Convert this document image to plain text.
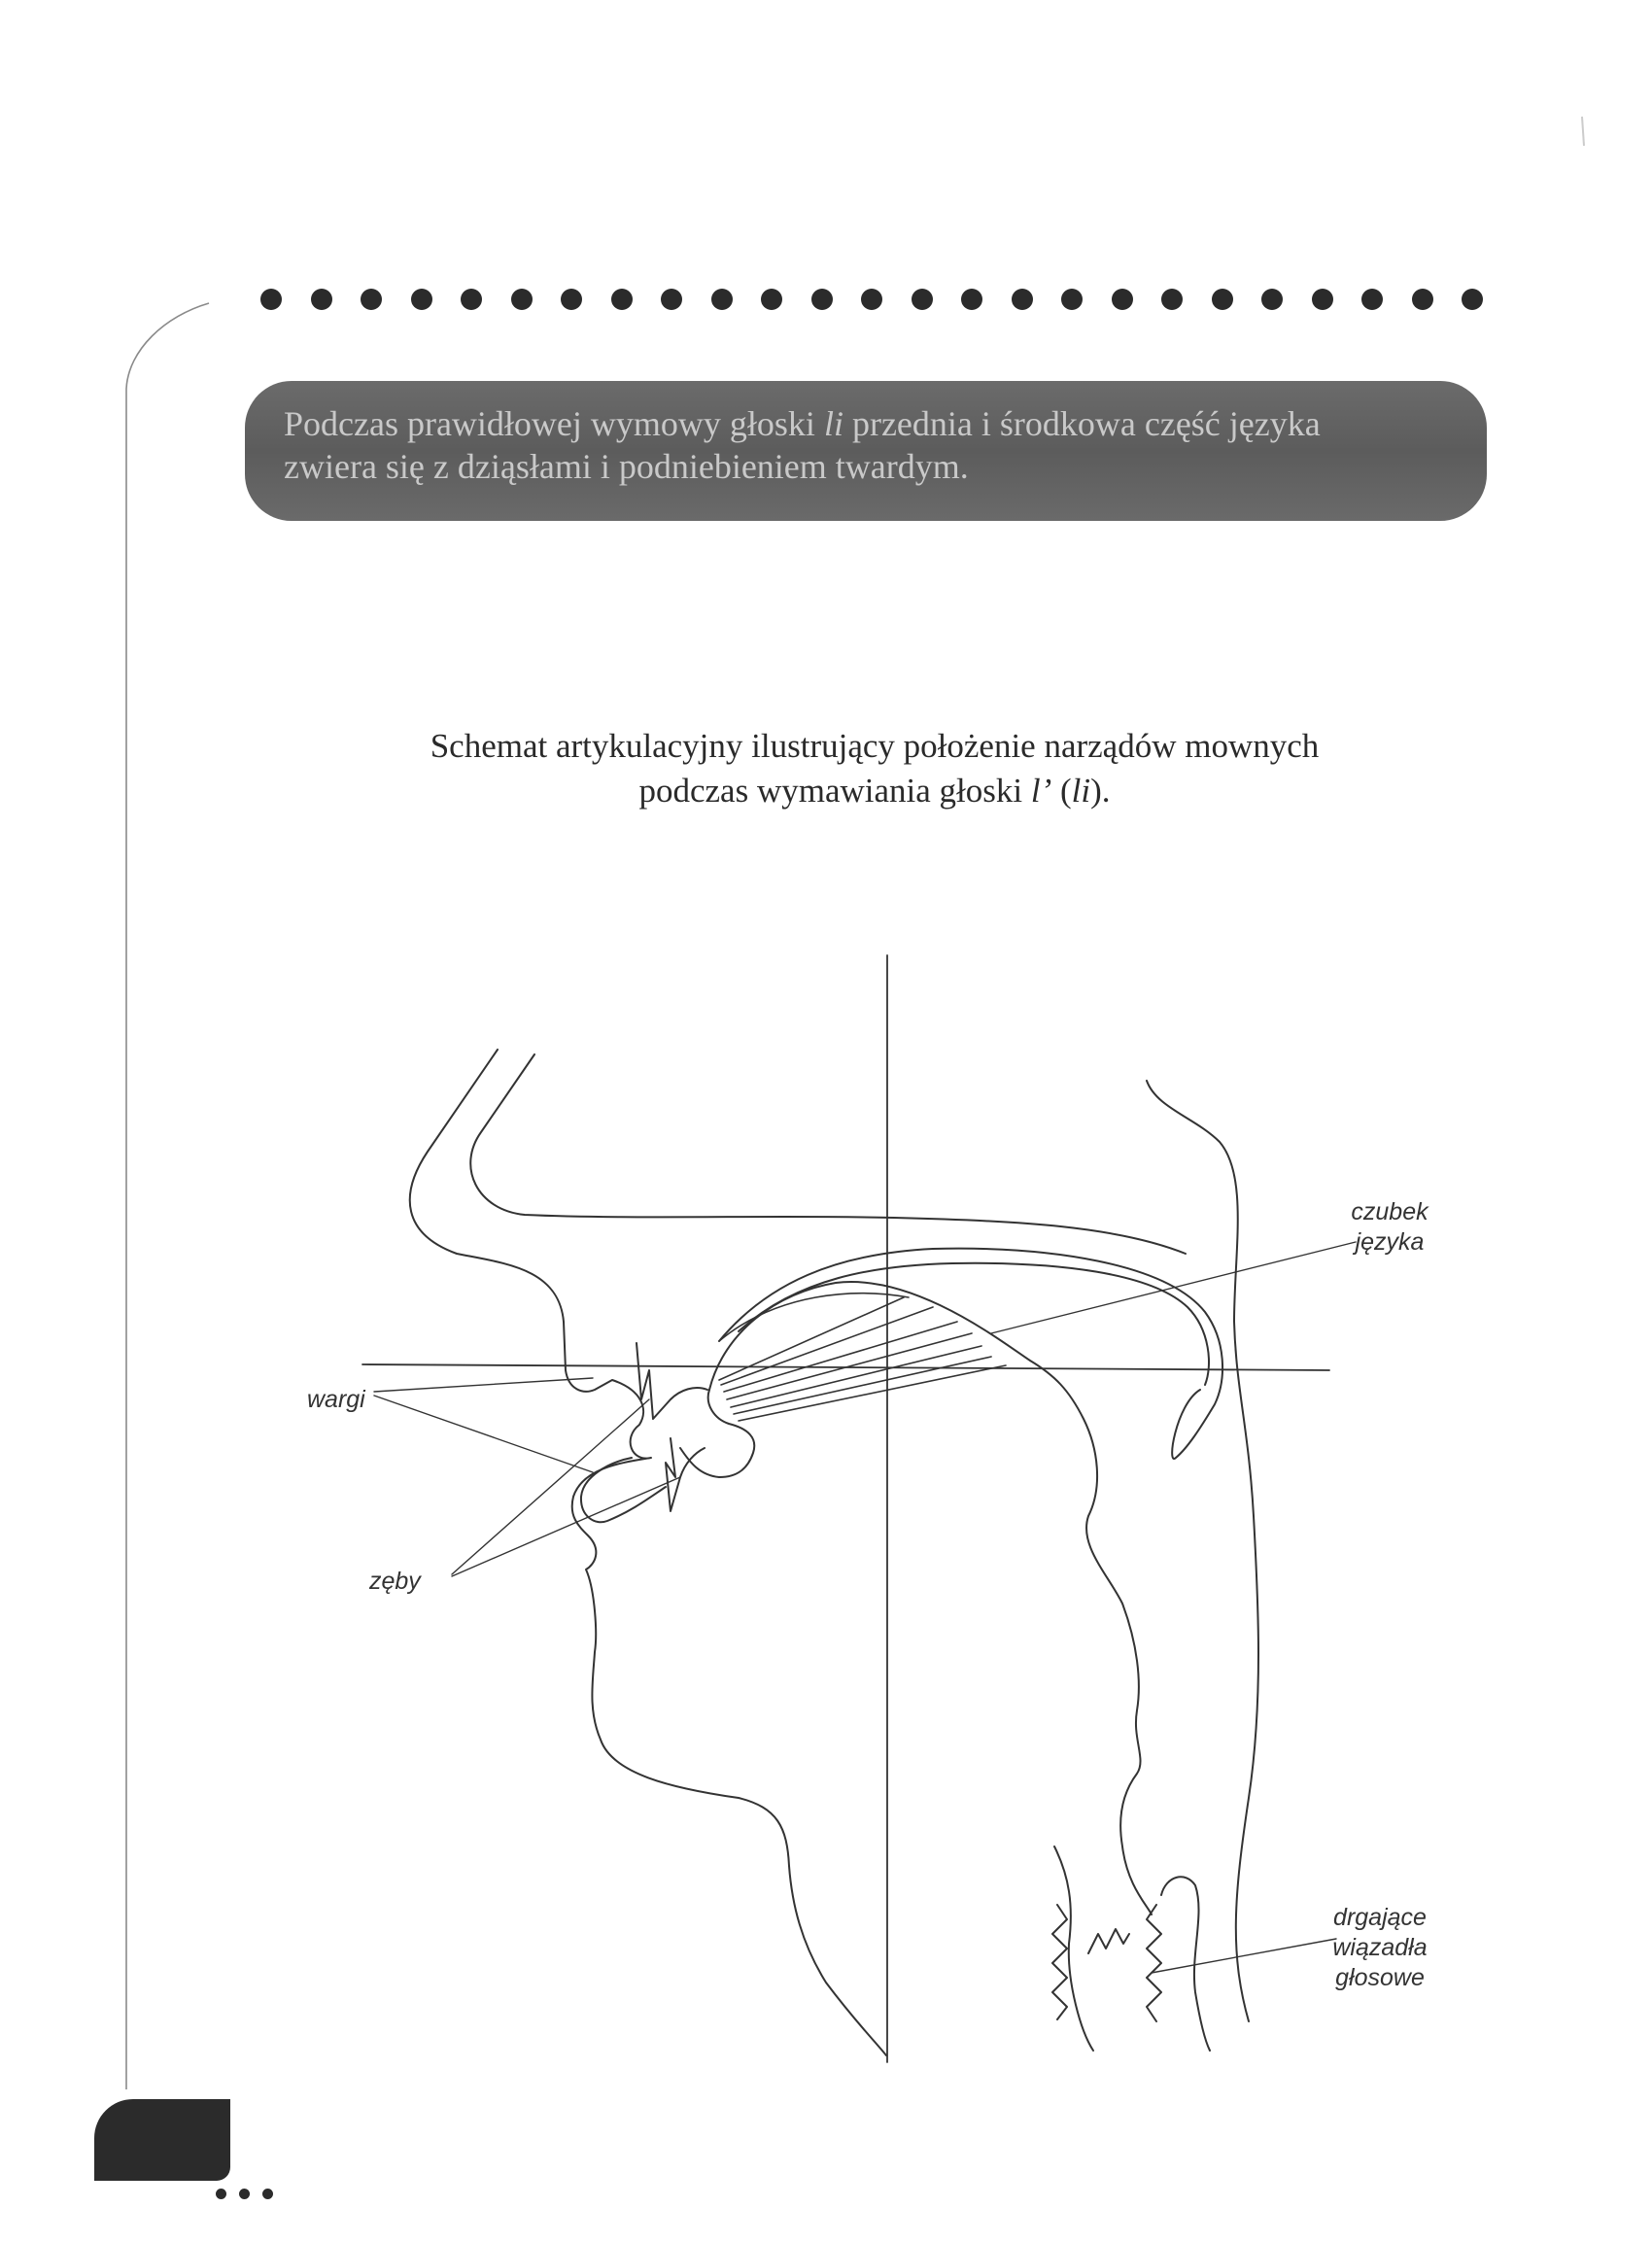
Podczas prawidłowej wymowy głoski li przednia i środkowa część języka
zwiera się z dziąsłami i podniebieniem twardym.

Schemat artykulacyjny ilustrujący położenie narządów mownych
podczas wymawiania głoski l’ (li).
czubek
języka
wargi
zęby
drgające
wiązadła
głosowe
